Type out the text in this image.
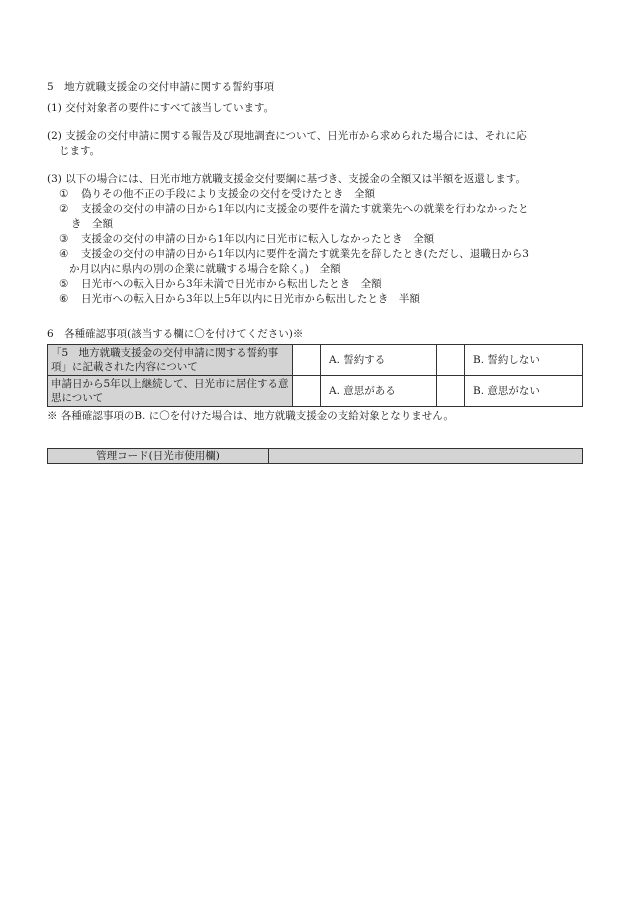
5　地方就職支援金の交付申請に関する誓約事項
(1) 交付対象者の要件にすべて該当しています。
(2) 支援金の交付申請に関する報告及び現地調査について、日光市から求められた場合には、それに応
じます。
(3) 以下の場合には、日光市地方就職支援金交付要綱に基づき、支援金の全額又は半額を返還します。
① 偽りその他不正の手段により支援金の交付を受けたとき　全額
② 支援金の交付の申請の日から1年以内に支援金の要件を満たす就業先への就業を行わなかったと
き　全額
③ 支援金の交付の申請の日から1年以内に日光市に転入しなかったとき　全額
④ 支援金の交付の申請の日から1年以内に要件を満たす就業先を辞したとき(ただし、退職日から3
か月以内に県内の別の企業に就職する場合を除く。)　全額
⑤ 日光市への転入日から3年未満で日光市から転出したとき　全額
⑥ 日光市への転入日から3年以上5年以内に日光市から転出したとき　半額
6　各種確認事項(該当する欄に〇を付けてください)※
「5　地方就職支援金の交付申請に関する誓約事項」に記載された内容について		A. 誓約する		B. 誓約しない
申請日から5年以上継続して、日光市に居住する意思について		A. 意思がある		B. 意思がない
※ 各種確認事項のB. に〇を付けた場合は、地方就職支援金の支給対象となりません。
管理コード(日光市使用欄)	
